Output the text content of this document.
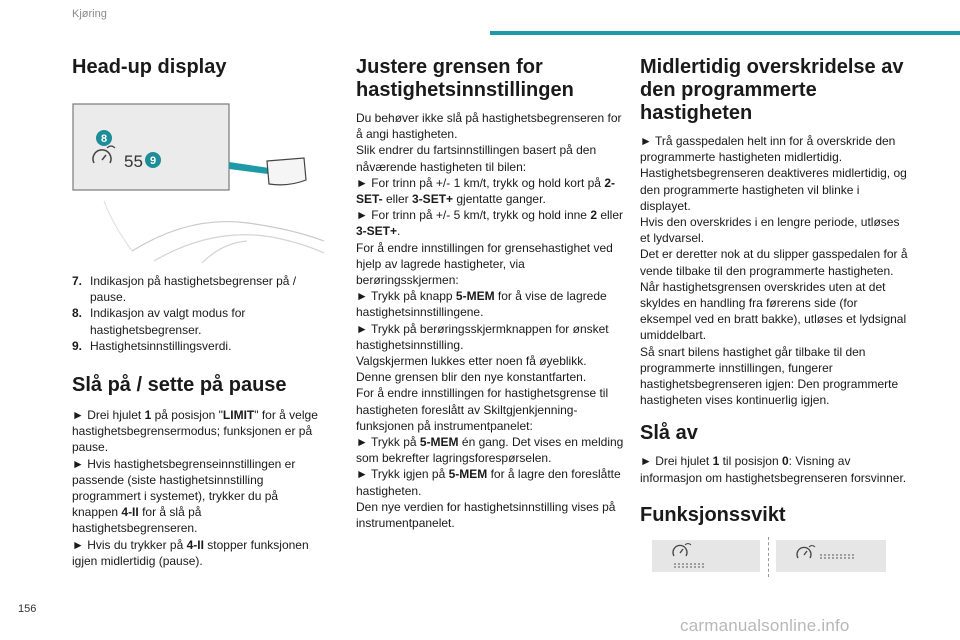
Kjøring
Head-up display
8
55 9
7. Indikasjon på hastighetsbegrenser på / pause.
8. Indikasjon av valgt modus for hastighetsbegrenser.
9. Hastighetsinnstillingsverdi.
Slå på / sette på pause

► Drei hjulet 1 på posisjon "LIMIT" for å velge hastighetsbegrensermodus; funksjonen er på pause.

► Hvis hastighetsbegrenseinnstillingen er passende (siste hastighetsinnstilling programmert i systemet), trykker du på knappen 4-II for å slå på hastighetsbegrenseren.

► Hvis du trykker på 4-II stopper funksjonen igjen midlertidig (pause).

Justere grensen for hastighetsinnstillingen

Du behøver ikke slå på hastighetsbegrenseren for å angi hastigheten.

Slik endrer du fartsinnstillingen basert på den nåværende hastigheten til bilen:

► For trinn på +/- 1 km/t, trykk og hold kort på 2-SET- eller 3-SET+ gjentatte ganger.

► For trinn på +/- 5 km/t, trykk og hold inne 2 eller 3-SET+.

For å endre innstillingen for grensehastighet ved hjelp av lagrede hastigheter, via berøringsskjermen:

► Trykk på knapp 5-MEM for å vise de lagrede hastighetsinnstillingene.

► Trykk på berøringsskjermknappen for ønsket hastighetsinnstilling.

Valgskjermen lukkes etter noen få øyeblikk.

Denne grensen blir den nye konstantfarten.

For å endre innstillingen for hastighetsgrense til hastigheten foreslått av Skiltgjenkjenning-funksjonen på instrumentpanelet:

► Trykk på 5-MEM én gang. Det vises en melding som bekrefter lagringsforespørselen.

► Trykk igjen på 5-MEM for å lagre den foreslåtte hastigheten.

Den nye verdien for hastighetsinnstilling vises på instrumentpanelet.

Midlertidig overskridelse av den programmerte hastigheten

► Trå gasspedalen helt inn for å overskride den programmerte hastigheten midlertidig.

Hastighetsbegrenseren deaktiveres midlertidig, og den programmerte hastigheten vil blinke i displayet.

Hvis den overskrides i en lengre periode, utløses et lydvarsel.

Det er deretter nok at du slipper gasspedalen for å vende tilbake til den programmerte hastigheten.

Når hastighetsgrensen overskrides uten at det skyldes en handling fra førerens side (for eksempel ved en bratt bakke), utløses et lydsignal umiddelbart.

Så snart bilens hastighet går tilbake til den programmerte innstillingen, fungerer hastighetsbegrenseren igjen: Den programmerte hastigheten vises kontinuerlig igjen.

Slå av

► Drei hjulet 1 til posisjon 0: Visning av informasjon om hastighetsbegrenseren forsvinner.

Funksjonssvikt
156
carmanualsonline.info
